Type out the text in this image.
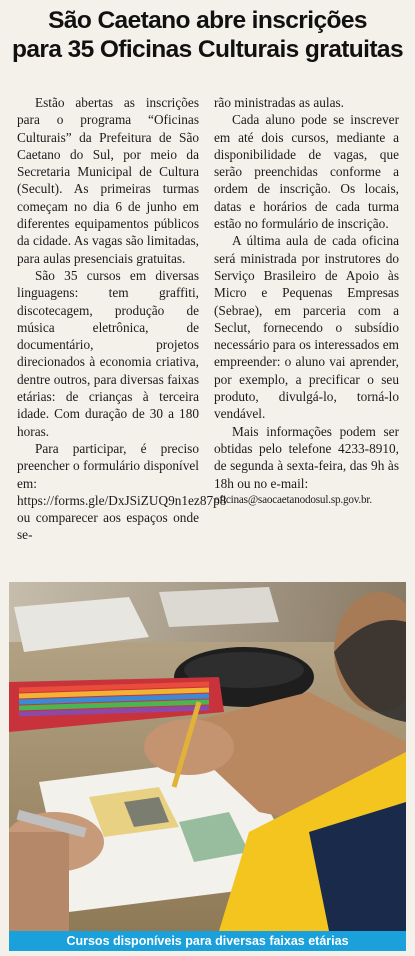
São Caetano abre inscrições
para 35 Oficinas Culturais gratuitas

Estão abertas as inscrições para o programa “Oficinas Culturais” da Prefeitura de São Caetano do Sul, por meio da Secretaria Municipal de Cultura (Secult). As primeiras turmas começam no dia 6 de junho em diferentes equipamentos públicos da cidade. As vagas são limitadas, para aulas presenciais gratuitas.

São 35 cursos em diversas linguagens: tem graffiti, discotecagem, produção de música eletrônica, de documentário, projetos direcionados à economia criativa, dentre outros, para diversas faixas etárias: de crianças à terceira idade. Com duração de 30 a 180 horas.

Para participar, é preciso preencher o formulário disponível em: https://forms.gle/DxJSiZUQ9n1ez87p8 ou comparecer aos espaços onde se-

rão ministradas as aulas.

Cada aluno pode se inscrever em até dois cursos, mediante a disponibilidade de vagas, que serão preenchidas conforme a ordem de inscrição. Os locais, datas e horários de cada turma estão no formulário de inscrição.

A última aula de cada oficina será ministrada por instrutores do Serviço Brasileiro de Apoio às Micro e Pequenas Empresas (Sebrae), em parceria com a Seclut, fornecendo o subsídio necessário para os interessados em empreender: o aluno vai aprender, por exemplo, a precificar o seu produto, divulgá-lo, torná-lo vendável.

Mais informações podem ser obtidas pelo telefone 4233-8910, de segunda à sexta-feira, das 9h às 18h ou no e-mail:

oficinas@saocaetanodosul.sp.gov.br.

Cursos disponíveis para diversas faixas etárias
